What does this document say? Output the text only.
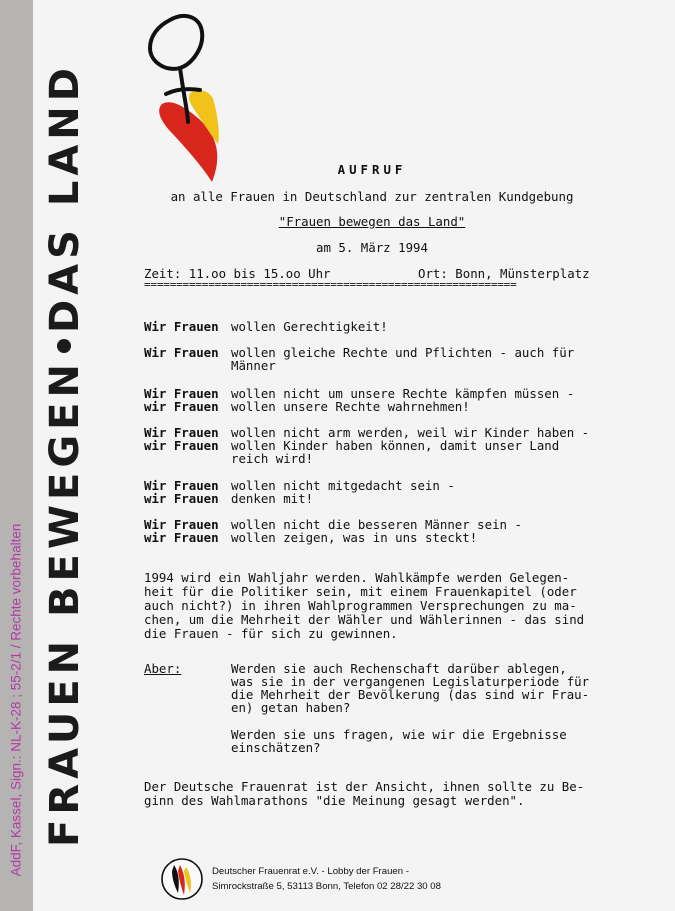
AddF, Kassel, Sign.: NL-K-28 ; 55-2/1 / Rechte vorbehalten FRAUEN BEWEGENDAS LAND	AUFRUF
an alle Frauen in Deutschland zur zentralen Kundgebung
"Frauen bewegen das Land"
am 5. März 1994
Zeit: 11.oo bis 15.oo Uhr	Ort: Bonn, Münsterplatz
==========================================================
Wir Frauen wollen Gerechtigkeit!
Wir Frauen wollen gleiche Rechte und Pflichten - auch für
Männer
Wir Frauen wollen nicht um unsere Rechte kämpfen müssen -
wir Frauen wollen unsere Rechte wahrnehmen!
Wir Frauen wollen nicht arm werden, weil wir Kinder haben -
wir Frauen wollen Kinder haben können, damit unser Land
reich wird!
Wir Frauen wollen nicht mitgedacht sein -
wir Frauen denken mit!
Wir Frauen wollen nicht die besseren Männer sein -
wir Frauen wollen zeigen, was in uns steckt!
1994 wird ein Wahljahr werden. Wahlkämpfe werden Gelegen-
heit für die Politiker sein, mit einem Frauenkapitel (oder
auch nicht?) in ihren Wahlprogrammen Versprechungen zu ma-
chen, um die Mehrheit der Wähler und Wählerinnen - das sind
die Frauen - für sich zu gewinnen.
Aber:	Werden sie auch Rechenschaft darüber ablegen,
was sie in der vergangenen Legislaturperiode für
die Mehrheit der Bevölkerung (das sind wir Frau-
en) getan haben?
Werden sie uns fragen, wie wir die Ergebnisse
einschätzen?
Der Deutsche Frauenrat ist der Ansicht, ihnen sollte zu Be-
ginn des Wahlmarathons "die Meinung gesagt werden".
Deutscher Frauenrat e.V. - Lobby der Frauen -
Simrockstraße 5, 53113 Bonn, Telefon 02 28/22 30 08
